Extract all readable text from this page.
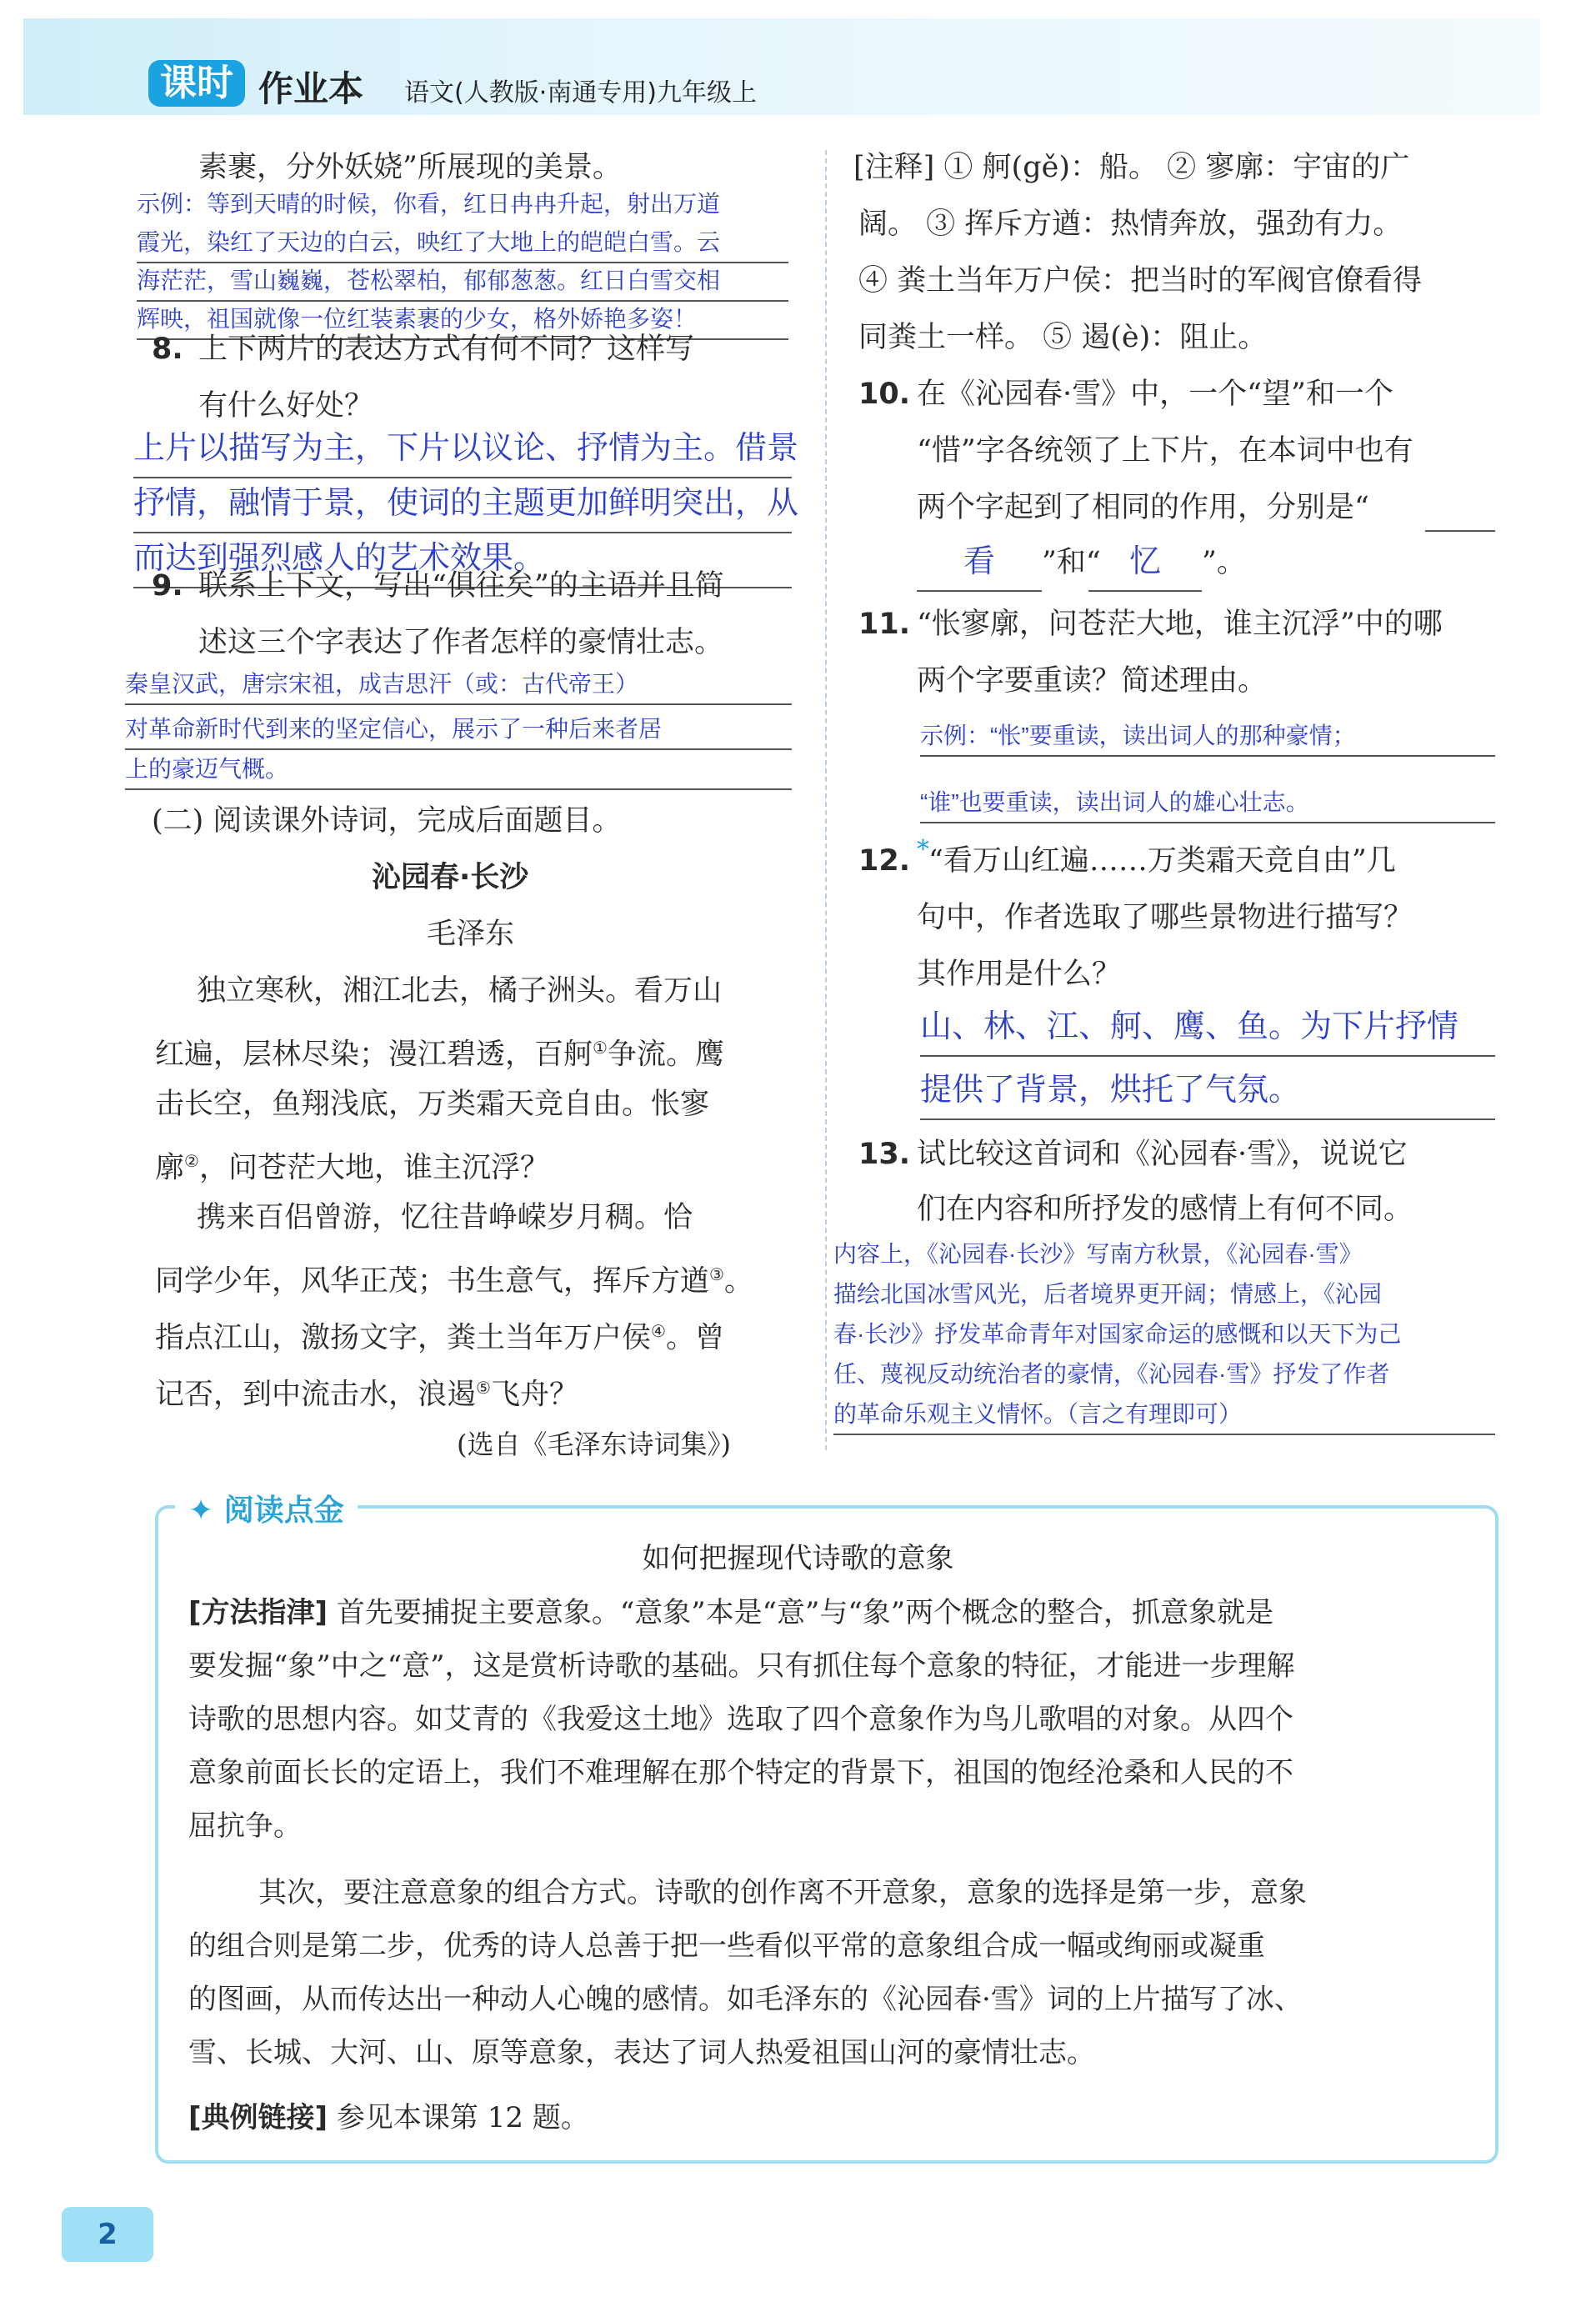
课时 作业本 语文(人教版·南通专用)九年级上
素裹，分外妖娆”所展现的美景。
示例：等到天晴的时候，你看，红日冉冉升起，射出万道
霞光，染红了天边的白云，映红了大地上的皑皑白雪。云
海茫茫，雪山巍巍，苍松翠柏，郁郁葱葱。红日白雪交相
辉映，祖国就像一位红装素裹的少女，格外娇艳多姿！
8. 上下两片的表达方式有何不同？这样写
有什么好处？
上片以描写为主，下片以议论、抒情为主。借景
抒情，融情于景，使词的主题更加鲜明突出，从
而达到强烈感人的艺术效果。
9. 联系上下文，写出“俱往矣”的主语并且简
述这三个字表达了作者怎样的豪情壮志。
秦皇汉武，唐宗宋祖，成吉思汗（或：古代帝王）
对革命新时代到来的坚定信心，展示了一种后来者居
上的豪迈气概。
(二) 阅读课外诗词，完成后面题目。
沁园春·长沙
毛泽东
独立寒秋，湘江北去，橘子洲头。看万山
红遍，层林尽染；漫江碧透，百舸①争流。鹰
击长空，鱼翔浅底，万类霜天竞自由。怅寥
廓②，问苍茫大地，谁主沉浮？
携来百侣曾游，忆往昔峥嵘岁月稠。恰
同学少年，风华正茂；书生意气，挥斥方遒③。
指点江山，激扬文字，粪土当年万户侯④。曾
记否，到中流击水，浪遏⑤飞舟？
(选自《毛泽东诗词集》)
[注释] ① 舸(gě)：船。 ② 寥廓：宇宙的广
阔。 ③ 挥斥方遒：热情奔放，强劲有力。
④ 粪土当年万户侯：把当时的军阀官僚看得
同粪土一样。 ⑤ 遏(è)：阻止。
10. 在《沁园春·雪》中，一个“望”和一个
“惜”字各统领了上下片，在本词中也有
两个字起到了相同的作用，分别是“
看	”和“ 忆	”。
11. “怅寥廓，问苍茫大地，谁主沉浮”中的哪
两个字要重读？简述理由。
示例：“怅”要重读，读出词人的那种豪情；
“谁”也要重读，读出词人的雄心壮志。
12. * “看万山红遍……万类霜天竞自由”几
句中，作者选取了哪些景物进行描写？
其作用是什么？
山、林、江、舸、鹰、鱼。为下片抒情
提供了背景，烘托了气氛。
13. 试比较这首词和《沁园春·雪》，说说它
们在内容和所抒发的感情上有何不同。
内容上，《沁园春·长沙》写南方秋景，《沁园春·雪》
描绘北国冰雪风光，后者境界更开阔；情感上，《沁园
春·长沙》抒发革命青年对国家命运的感慨和以天下为己
任、蔑视反动统治者的豪情，《沁园春·雪》抒发了作者
的革命乐观主义情怀。（言之有理即可）
✦ 阅读点金
如何把握现代诗歌的意象
[方法指津] 首先要捕捉主要意象。“意象”本是“意”与“象”两个概念的整合，抓意象就是
要发掘“象”中之“意”，这是赏析诗歌的基础。只有抓住每个意象的特征，才能进一步理解
诗歌的思想内容。如艾青的《我爱这土地》选取了四个意象作为鸟儿歌唱的对象。从四个
意象前面长长的定语上，我们不难理解在那个特定的背景下，祖国的饱经沧桑和人民的不
屈抗争。
其次，要注意意象的组合方式。诗歌的创作离不开意象，意象的选择是第一步，意象
的组合则是第二步，优秀的诗人总善于把一些看似平常的意象组合成一幅或绚丽或凝重
的图画，从而传达出一种动人心魄的感情。如毛泽东的《沁园春·雪》词的上片描写了冰、
雪、长城、大河、山、原等意象，表达了词人热爱祖国山河的豪情壮志。
[典例链接] 参见本课第 12 题。
2
